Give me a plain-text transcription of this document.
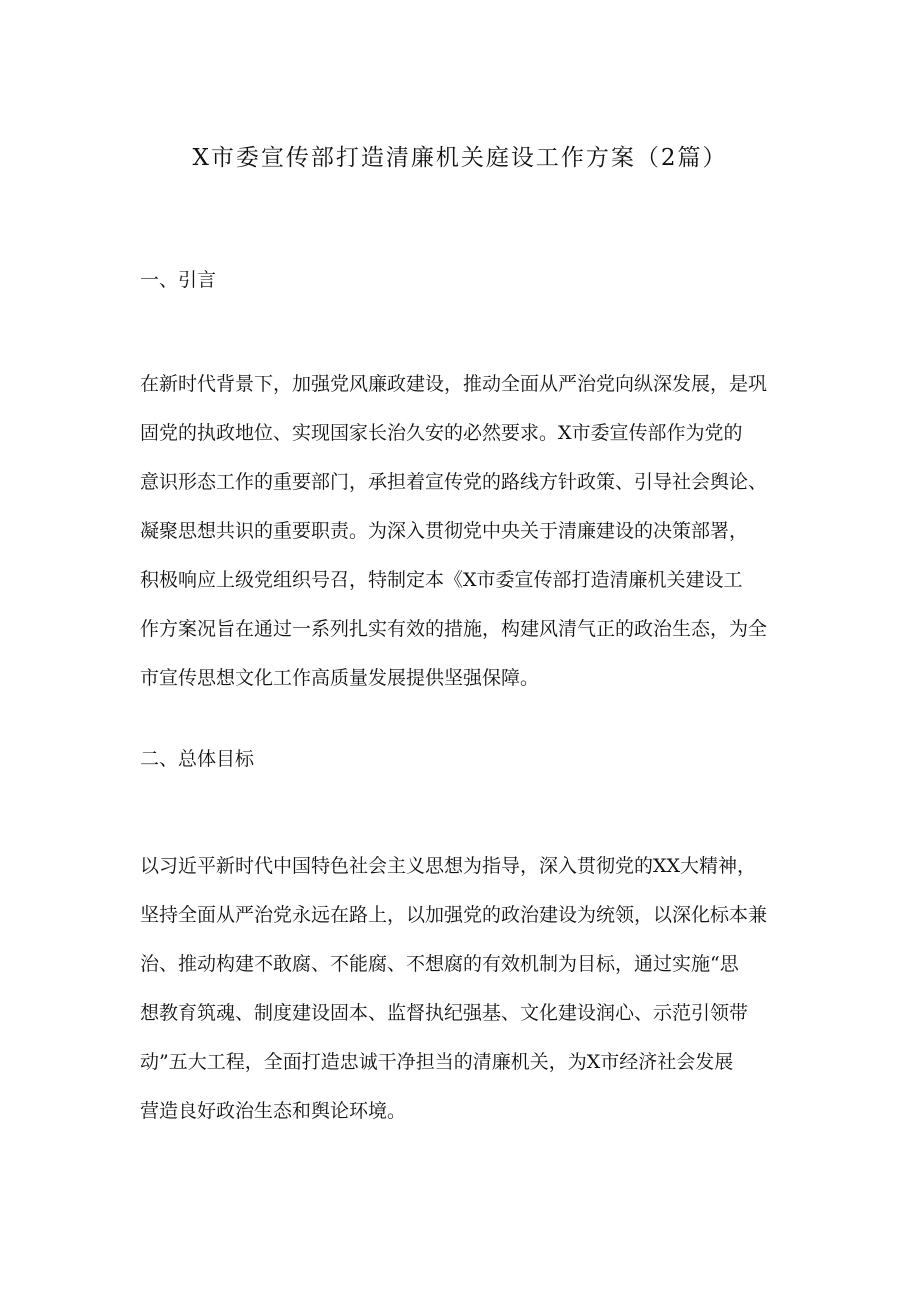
X市委宣传部打造清廉机关庭设工作方案（2篇）
一、引言
在新时代背景下，加强党风廉政建设，推动全面从严治党向纵深发展，是巩
固党的执政地位、实现国家长治久安的必然要求。X市委宣传部作为党的
意识形态工作的重要部门，承担着宣传党的路线方针政策、引导社会舆论、
凝聚思想共识的重要职责。为深入贯彻党中央关于清廉建设的决策部署，
积极响应上级党组织号召，特制定本《X市委宣传部打造清廉机关建设工
作方案况旨在通过一系列扎实有效的措施，构建风清气正的政治生态，为全
市宣传思想文化工作高质量发展提供坚强保障。
二、总体目标
以习近平新时代中国特色社会主义思想为指导，深入贯彻党的XX大精神，
坚持全面从严治党永远在路上，以加强党的政治建设为统领，以深化标本兼
治、推动构建不敢腐、不能腐、不想腐的有效机制为目标，通过实施“思
想教育筑魂、制度建设固本、监督执纪强基、文化建设润心、示范引领带
动”五大工程，全面打造忠诚干净担当的清廉机关，为X市经济社会发展
营造良好政治生态和舆论环境。
